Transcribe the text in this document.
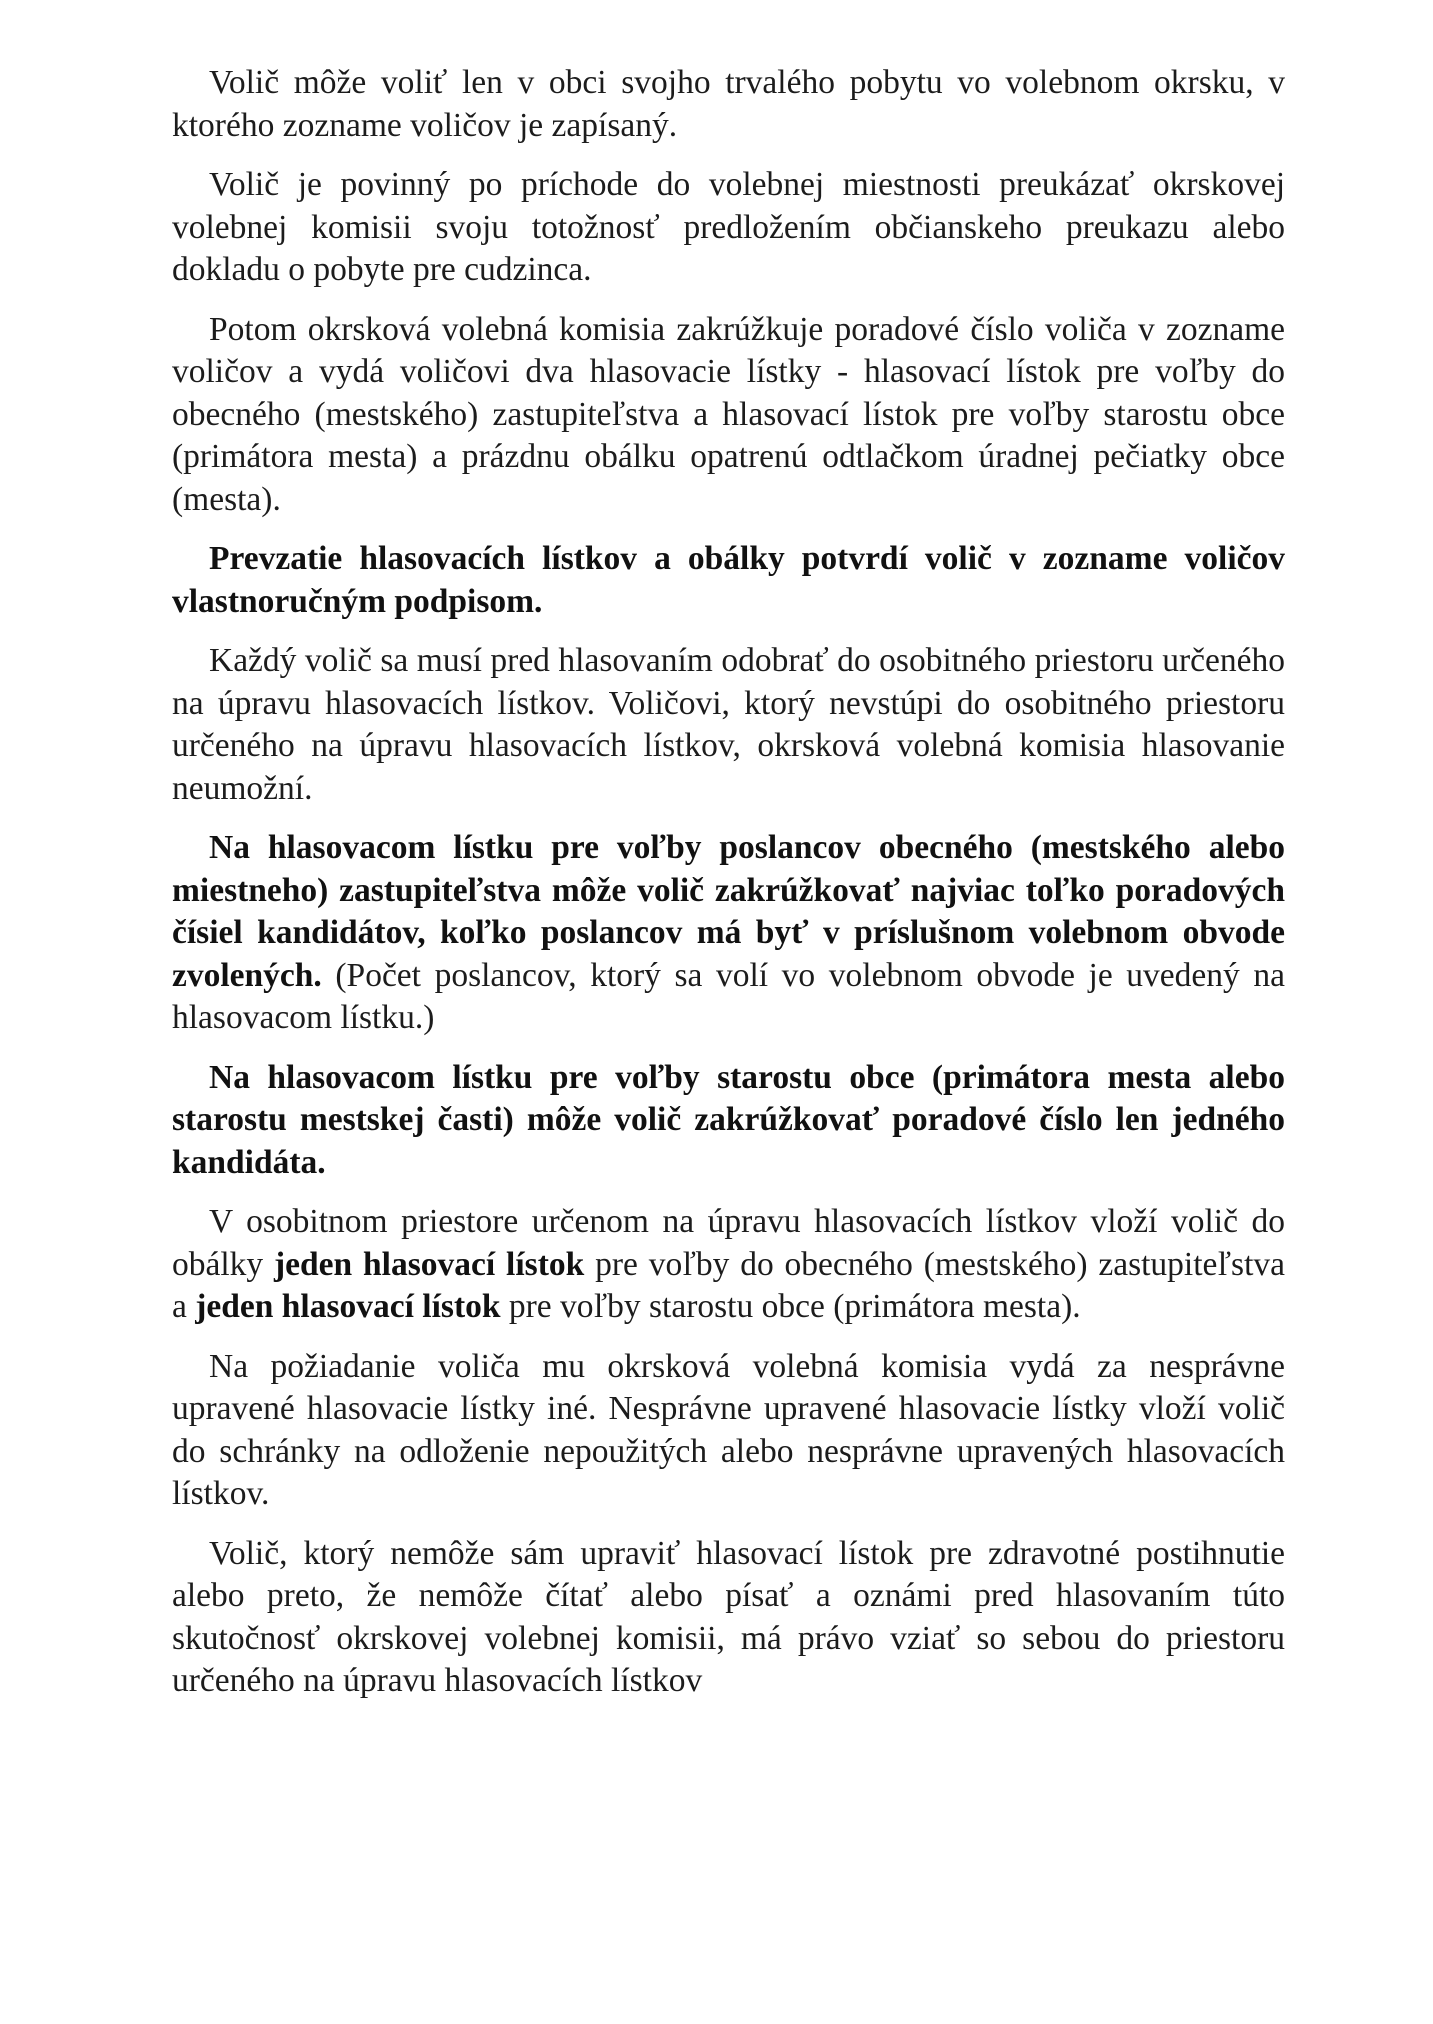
Volič môže voliť len v obci svojho trvalého pobytu vo volebnom okrsku, v ktorého zozname voličov je zapísaný.

Volič je povinný po príchode do volebnej miestnosti preukázať okrskovej volebnej komisii svoju totožnosť predložením občianskeho preukazu alebo dokladu o pobyte pre cudzinca.

Potom okrsková volebná komisia zakrúžkuje poradové číslo voliča v zozname voličov a vydá voličovi dva hlasovacie lístky - hlasovací lístok pre voľby do obecného (mestského) zastupiteľstva a hlasovací lístok pre voľby starostu obce (primátora mesta) a prázdnu obálku opatrenú odtlačkom úradnej pečiatky obce (mesta).

Prevzatie hlasovacích lístkov a obálky potvrdí volič v zozname voličov vlastnoručným podpisom.

Každý volič sa musí pred hlasovaním odobrať do osobitného priestoru určeného na úpravu hlasovacích lístkov. Voličovi, ktorý nevstúpi do osobitného priestoru určeného na úpravu hlasovacích lístkov, okrsková volebná komisia hlasovanie neumožní.

Na hlasovacom lístku pre voľby poslancov obecného (mestského alebo miestneho) zastupiteľstva môže volič zakrúžkovať najviac toľko poradových čísiel kandidátov, koľko poslancov má byť v príslušnom volebnom obvode zvolených. (Počet poslancov, ktorý sa volí vo volebnom obvode je uvedený na hlasovacom lístku.)

Na hlasovacom lístku pre voľby starostu obce (primátora mesta alebo starostu mestskej časti) môže volič zakrúžkovať poradové číslo len jedného kandidáta.

V osobitnom priestore určenom na úpravu hlasovacích lístkov vloží volič do obálky jeden hlasovací lístok pre voľby do obecného (mestského) zastupiteľstva a jeden hlasovací lístok pre voľby starostu obce (primátora mesta).

Na požiadanie voliča mu okrsková volebná komisia vydá za nesprávne upravené hlasovacie lístky iné. Nesprávne upravené hlasovacie lístky vloží volič do schránky na odloženie nepoužitých alebo nesprávne upravených hlasovacích lístkov.

Volič, ktorý nemôže sám upraviť hlasovací lístok pre zdravotné postihnutie alebo preto, že nemôže čítať alebo písať a oznámi pred hlasovaním túto skutočnosť okrskovej volebnej komisii, má právo vziať so sebou do priestoru určeného na úpravu hlasovacích lístkov
